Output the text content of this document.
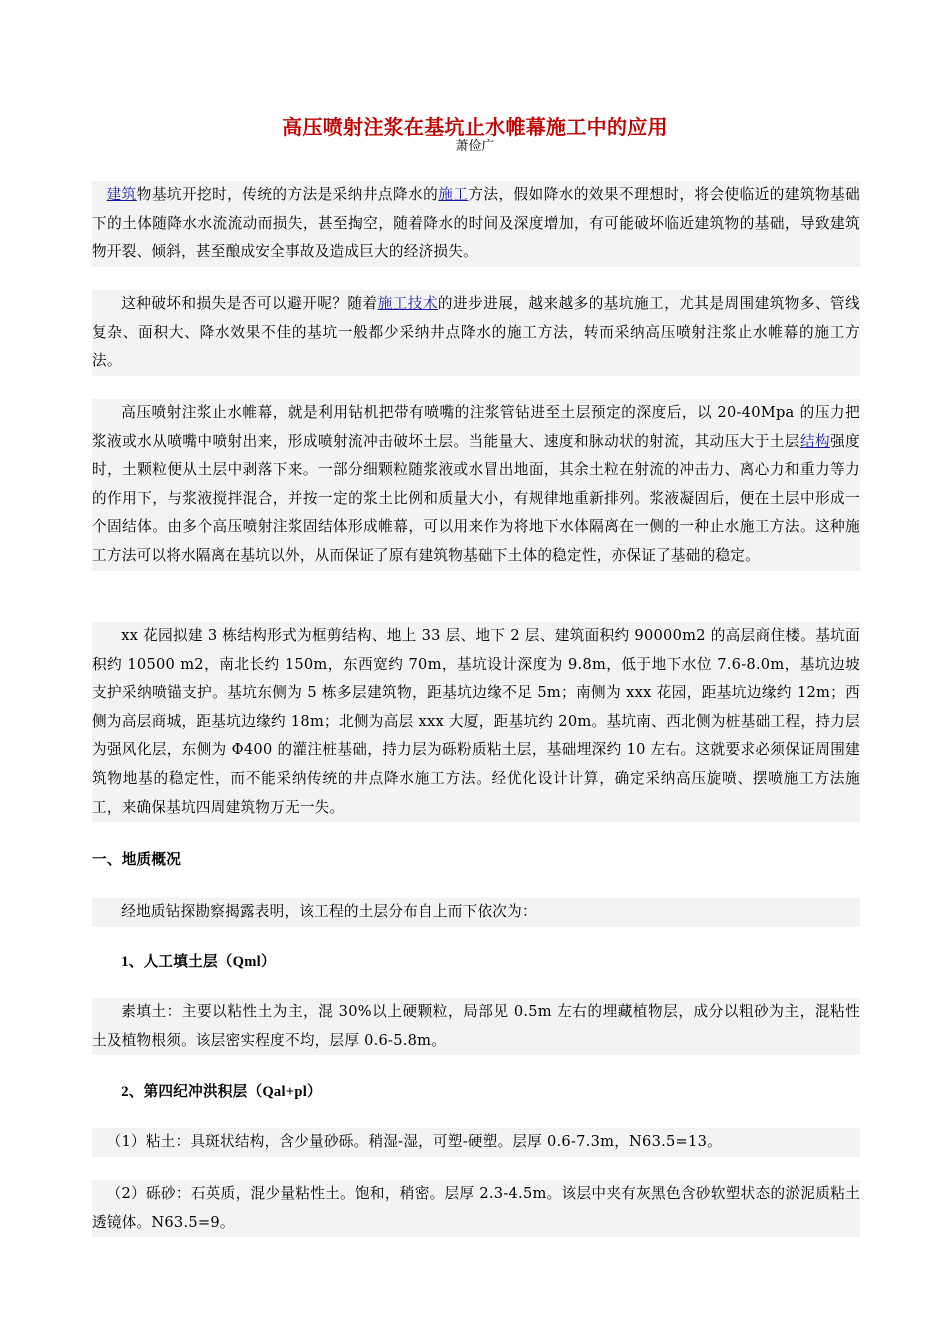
高压喷射注浆在基坑止水帷幕施工中的应用
萧俭广

建筑物基坑开挖时，传统的方法是采纳井点降水的施工方法，假如降水的效果不理想时，将会使临近的建筑物基础下的土体随降水水流流动而损失，甚至掏空，随着降水的时间及深度增加，有可能破坏临近建筑物的基础，导致建筑物开裂、倾斜，甚至酿成安全事故及造成巨大的经济损失。

这种破坏和损失是否可以避开呢？随着施工技术的进步进展，越来越多的基坑施工，尤其是周围建筑物多、管线复杂、面积大、降水效果不佳的基坑一般都少采纳井点降水的施工方法，转而采纳高压喷射注浆止水帷幕的施工方法。

高压喷射注浆止水帷幕，就是利用钻机把带有喷嘴的注浆管钻进至土层预定的深度后，以 20-40Mpa 的压力把浆液或水从喷嘴中喷射出来，形成喷射流冲击破坏土层。当能量大、速度和脉动状的射流，其动压大于土层结构强度时，土颗粒便从土层中剥落下来。一部分细颗粒随浆液或水冒出地面，其余土粒在射流的冲击力、离心力和重力等力的作用下，与浆液搅拌混合，并按一定的浆土比例和质量大小，有规律地重新排列。浆液凝固后，便在土层中形成一个固结体。由多个高压喷射注浆固结体形成帷幕，可以用来作为将地下水体隔离在一侧的一种止水施工方法。这种施工方法可以将水隔离在基坑以外，从而保证了原有建筑物基础下土体的稳定性，亦保证了基础的稳定。

xx 花园拟建 3 栋结构形式为框剪结构、地上 33 层、地下 2 层、建筑面积约 90000m2 的高层商住楼。基坑面积约 10500 m2，南北长约 150m，东西宽约 70m，基坑设计深度为 9.8m，低于地下水位 7.6-8.0m，基坑边坡支护采纳喷锚支护。基坑东侧为 5 栋多层建筑物，距基坑边缘不足 5m；南侧为 xxx 花园，距基坑边缘约 12m；西侧为高层商城，距基坑边缘约 18m；北侧为高层 xxx 大厦，距基坑约 20m。基坑南、西北侧为桩基础工程，持力层为强风化层，东侧为 Φ400 的灌注桩基础，持力层为砾粉质粘土层，基础埋深约 10 左右。这就要求必须保证周围建筑物地基的稳定性，而不能采纳传统的井点降水施工方法。经优化设计计算，确定采纳高压旋喷、摆喷施工方法施工，来确保基坑四周建筑物万无一失。

一、地质概况

经地质钻探勘察揭露表明，该工程的土层分布自上而下依次为：

1、人工填土层（Qml）

素填土：主要以粘性土为主，混 30%以上硬颗粒，局部见 0.5m 左右的埋藏植物层，成分以粗砂为主，混粘性土及植物根须。该层密实程度不均，层厚 0.6-5.8m。

2、第四纪冲洪积层（Qal+pl）

（1）粘土：具斑状结构，含少量砂砾。稍湿-湿，可塑-硬塑。层厚 0.6-7.3m，N63.5=13。

（2）砾砂：石英质，混少量粘性土。饱和，稍密。层厚 2.3-4.5m。该层中夹有灰黑色含砂软塑状态的淤泥质粘土透镜体。N63.5=9。
